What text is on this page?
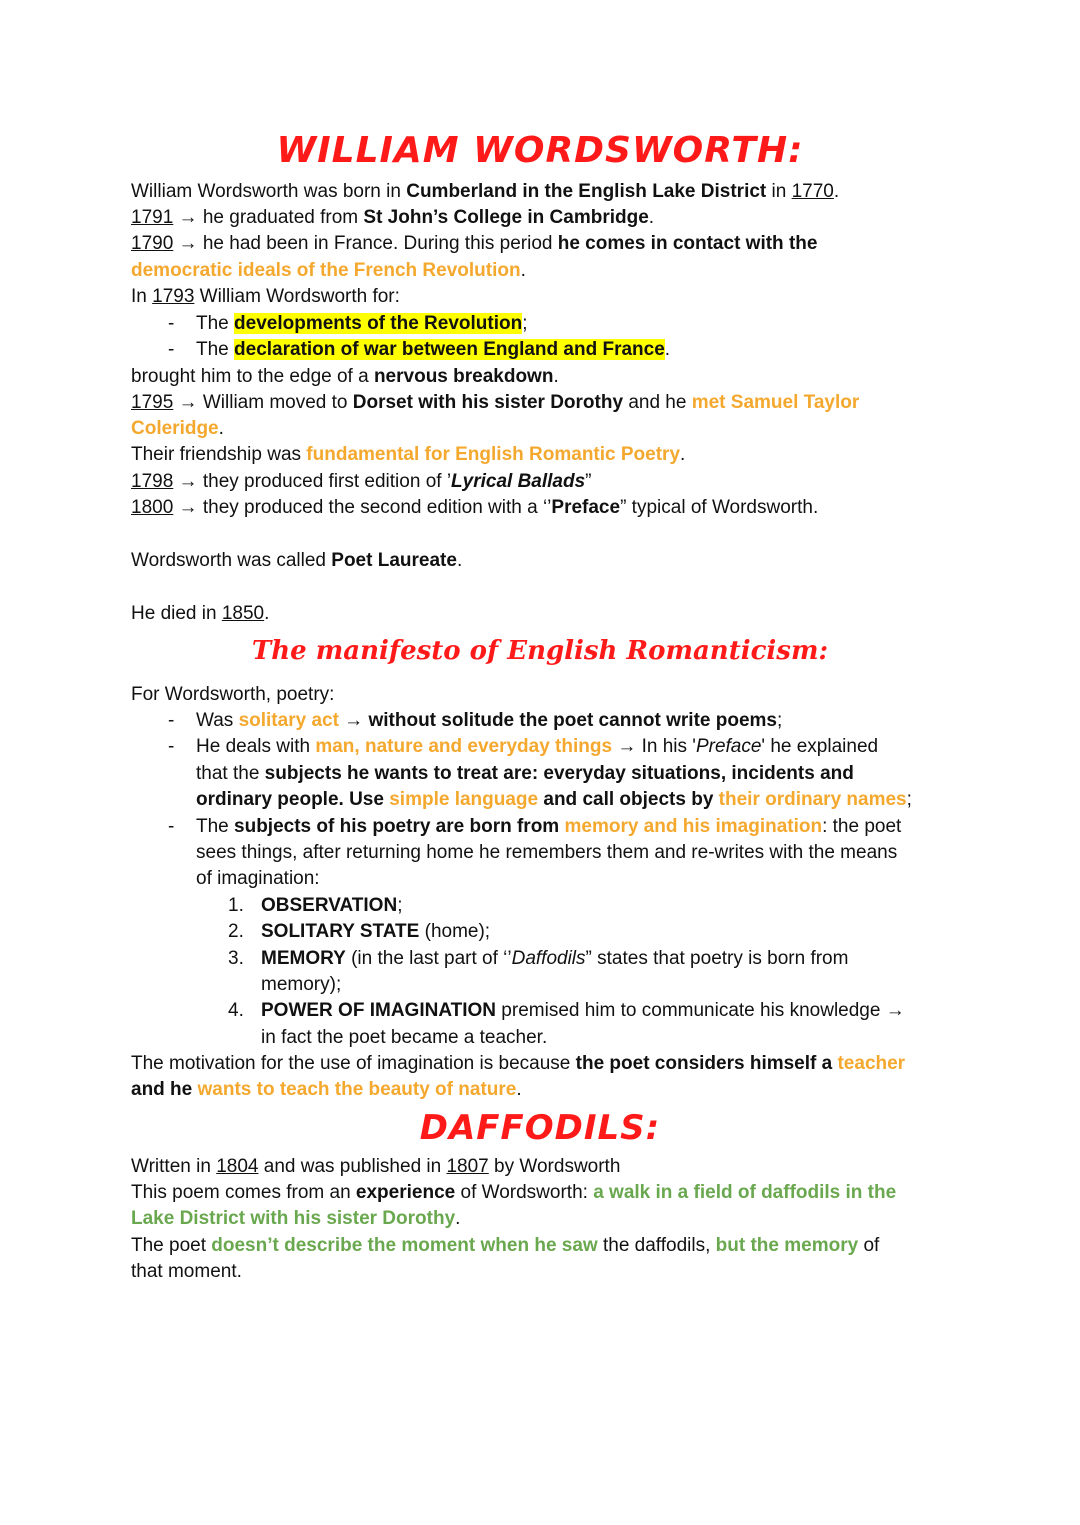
WILLIAM WORDSWORTH:
William Wordsworth was born in Cumberland in the English Lake District in 1770.
1791 → he graduated from St John’s College in Cambridge.
1790 → he had been in France. During this period he comes in contact with the
democratic ideals of the French Revolution.
In 1793 William Wordsworth for:
- The developments of the Revolution;
- The declaration of war between England and France.
brought him to the edge of a nervous breakdown.
1795 → William moved to Dorset with his sister Dorothy and he met Samuel Taylor
Coleridge.
Their friendship was fundamental for English Romantic Poetry.
1798 → they produced first edition of ’Lyrical Ballads”
1800 → they produced the second edition with a ‘’Preface” typical of Wordsworth.
Wordsworth was called Poet Laureate.
He died in 1850.
The manifesto of English Romanticism:
For Wordsworth, poetry:
- Was solitary act → without solitude the poet cannot write poems;
- He deals with man, nature and everyday things → In his 'Preface' he explained
that the subjects he wants to treat are: everyday situations, incidents and
ordinary people. Use simple language and call objects by their ordinary names;
- The subjects of his poetry are born from memory and his imagination: the poet
sees things, after returning home he remembers them and re-writes with the means
of imagination:
1. OBSERVATION;
2. SOLITARY STATE (home);
3. MEMORY (in the last part of ‘’Daffodils” states that poetry is born from
memory);
4. POWER OF IMAGINATION premised him to communicate his knowledge →
in fact the poet became a teacher.
The motivation for the use of imagination is because the poet considers himself a teacher
and he wants to teach the beauty of nature.
DAFFODILS:
Written in 1804 and was published in 1807 by Wordsworth
This poem comes from an experience of Wordsworth: a walk in a field of daffodils in the
Lake District with his sister Dorothy.
The poet doesn’t describe the moment when he saw the daffodils, but the memory of
that moment.
